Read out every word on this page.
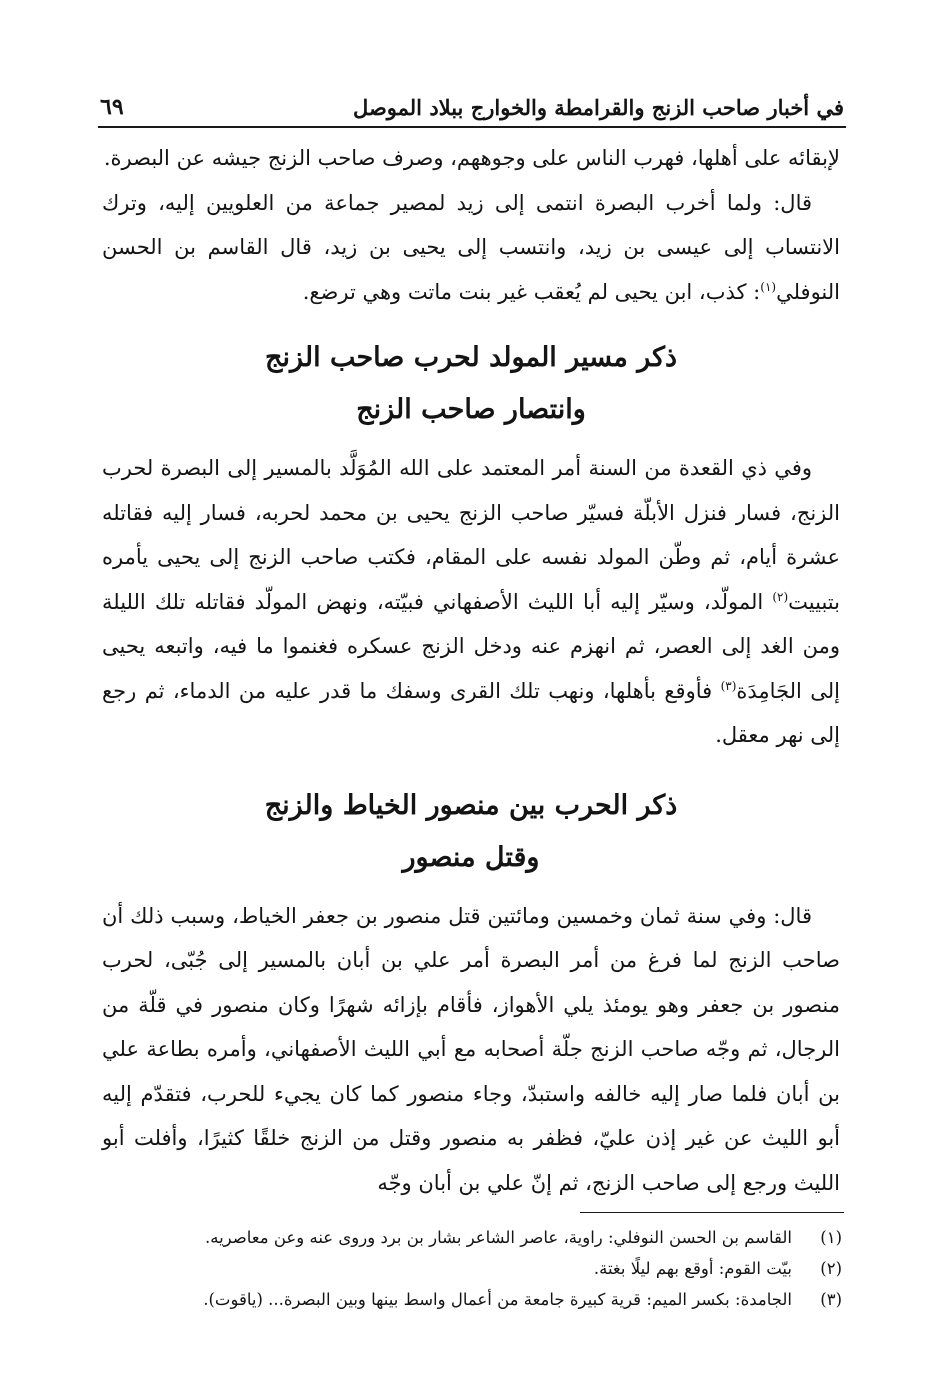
في أخبار صاحب الزنج والقرامطة والخوارج ببلاد الموصل
٦٩

لإبقائه على أهلها، فهرب الناس على وجوههم، وصرف صاحب الزنج جيشه عن البصرة.

قال: ولما أخرب البصرة انتمى إلى زيد لمصير جماعة من العلويين إليه، وترك الانتساب إلى عيسى بن زيد، وانتسب إلى يحيى بن زيد، قال القاسم بن الحسن النوفلي$^{(١)}$: كذب، ابن يحيى لم يُعقب غير بنت ماتت وهي ترضع.

ذكر مسير المولد لحرب صاحب الزنج

وانتصار صاحب الزنج

وفي ذي القعدة من السنة أمر المعتمد على الله المُوَلَّد بالمسير إلى البصرة لحرب الزنج، فسار فنزل الأبلّة فسيّر صاحب الزنج يحيى بن محمد لحربه، فسار إليه فقاتله عشرة أيام، ثم وطّن المولد نفسه على المقام، فكتب صاحب الزنج إلى يحيى يأمره بتبييت$^{(٢)}$ المولّد، وسيّر إليه أبا الليث الأصفهاني فبيّته، ونهض المولّد فقاتله تلك الليلة ومن الغد إلى العصر، ثم انهزم عنه ودخل الزنج عسكره فغنموا ما فيه، واتبعه يحيى إلى الجَامِدَة$^{(٣)}$ فأوقع بأهلها، ونهب تلك القرى وسفك ما قدر عليه من الدماء، ثم رجع إلى نهر معقل.

ذكر الحرب بين منصور الخياط والزنج

وقتل منصور

قال: وفي سنة ثمان وخمسين ومائتين قتل منصور بن جعفر الخياط، وسبب ذلك أن صاحب الزنج لما فرغ من أمر البصرة أمر علي بن أبان بالمسير إلى جُبّى، لحرب منصور بن جعفر وهو يومئذ يلي الأهواز، فأقام بإزائه شهرًا وكان منصور في قلّة من الرجال، ثم وجّه صاحب الزنج جلّة أصحابه مع أبي الليث الأصفهاني، وأمره بطاعة علي بن أبان فلما صار إليه خالفه واستبدّ، وجاء منصور كما كان يجيء للحرب، فتقدّم إليه أبو الليث عن غير إذن عليّ، فظفر به منصور وقتل من الزنج خلقًا كثيرًا، وأفلت أبو الليث ورجع إلى صاحب الزنج، ثم إنّ علي بن أبان وجّه

(١)
القاسم بن الحسن النوفلي: راوية، عاصر الشاعر بشار بن برد وروى عنه وعن معاصريه.
(٢)
بيّت القوم: أوقع بهم ليلًا بغتة.
(٣)
الجامدة: بكسر الميم: قرية كبيرة جامعة من أعمال واسط بينها وبين البصرة... (ياقوت).
